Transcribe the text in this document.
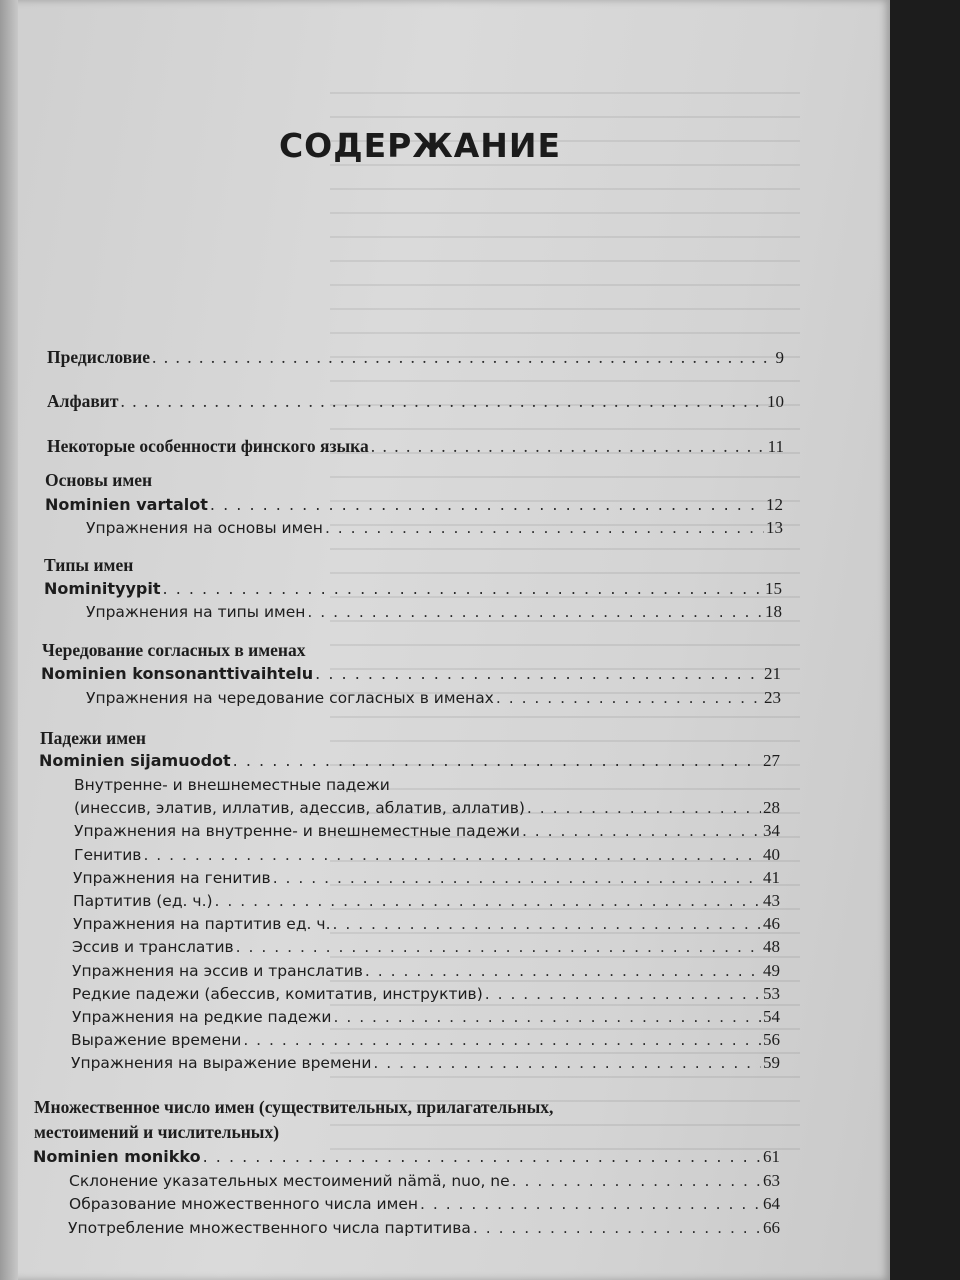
СОДЕРЖАНИЕ
Предисловие . . .	9
Алфавит . . .	10
Некоторые особенности финского языка . . .	11
Основы имен
Nominien vartalot . . .	12
Упражнения на основы имен . . .	13
Типы имен
Nominityypit . . .	15
Упражнения на типы имен . . .	18
Чередование согласных в именах
Nominien konsonanttivaihtelu . . .	21
Упражнения на чередование согласных в именах . . .	23
Падежи имен
Nominien sijamuodot . . .	27
Внутренне- и внешнеместные падежи
(инессив, элатив, иллатив, адессив, аблатив, аллатив) . . .	28
Упражнения на внутренне- и внешнеместные падежи . . .	34
Генитив . . .	40
Упражнения на генитив . . .	41
Партитив (ед. ч.) . . .	43
Упражнения на партитив ед. ч. . . .	46
Эссив и транслатив . . .	48
Упражнения на эссив и транслатив . . .	49
Редкие падежи (абессив, комитатив, инструктив) . . .	53
Упражнения на редкие падежи . . .	54
Выражение времени . . .	56
Упражнения на выражение времени . . .	59
Множественное число имен (существительных, прилагательных,
местоимений и числительных)
Nominien monikko . . .	61
Склонение указательных местоимений nämä, nuo, ne . . .	63
Образование множественного числа имен . . .	64
Употребление множественного числа партитива . . .	66
